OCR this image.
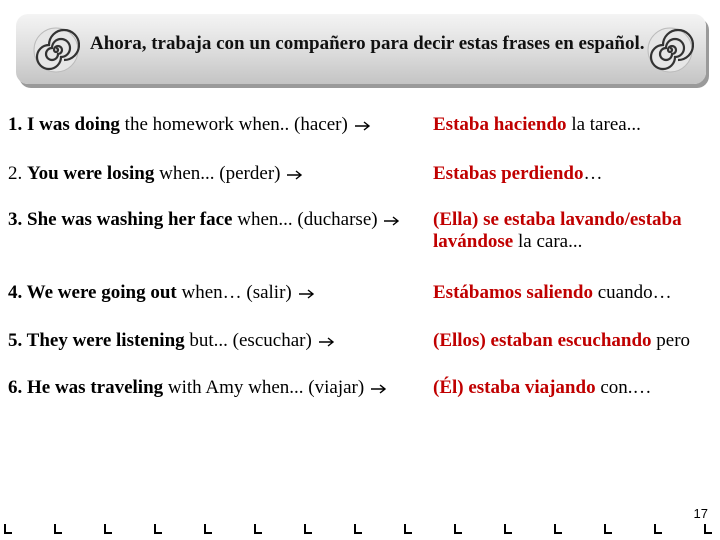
Ahora, trabaja con un compañero para decir estas frases en español.
1. I was doing the homework when.. (hacer)	Estaba haciendo la tarea...
2. You were losing when... (perder)	Estabas perdiendo…
3. She was washing her face when... (ducharse)	(Ella) se estaba lavando/estaba lavándose la cara...
4. We were going out when… (salir)	Estábamos saliendo cuando…
5. They were listening but... (escuchar)	(Ellos) estaban escuchando pero
6. He was traveling with Amy when... (viajar)	(Él) estaba viajando con.…
17
